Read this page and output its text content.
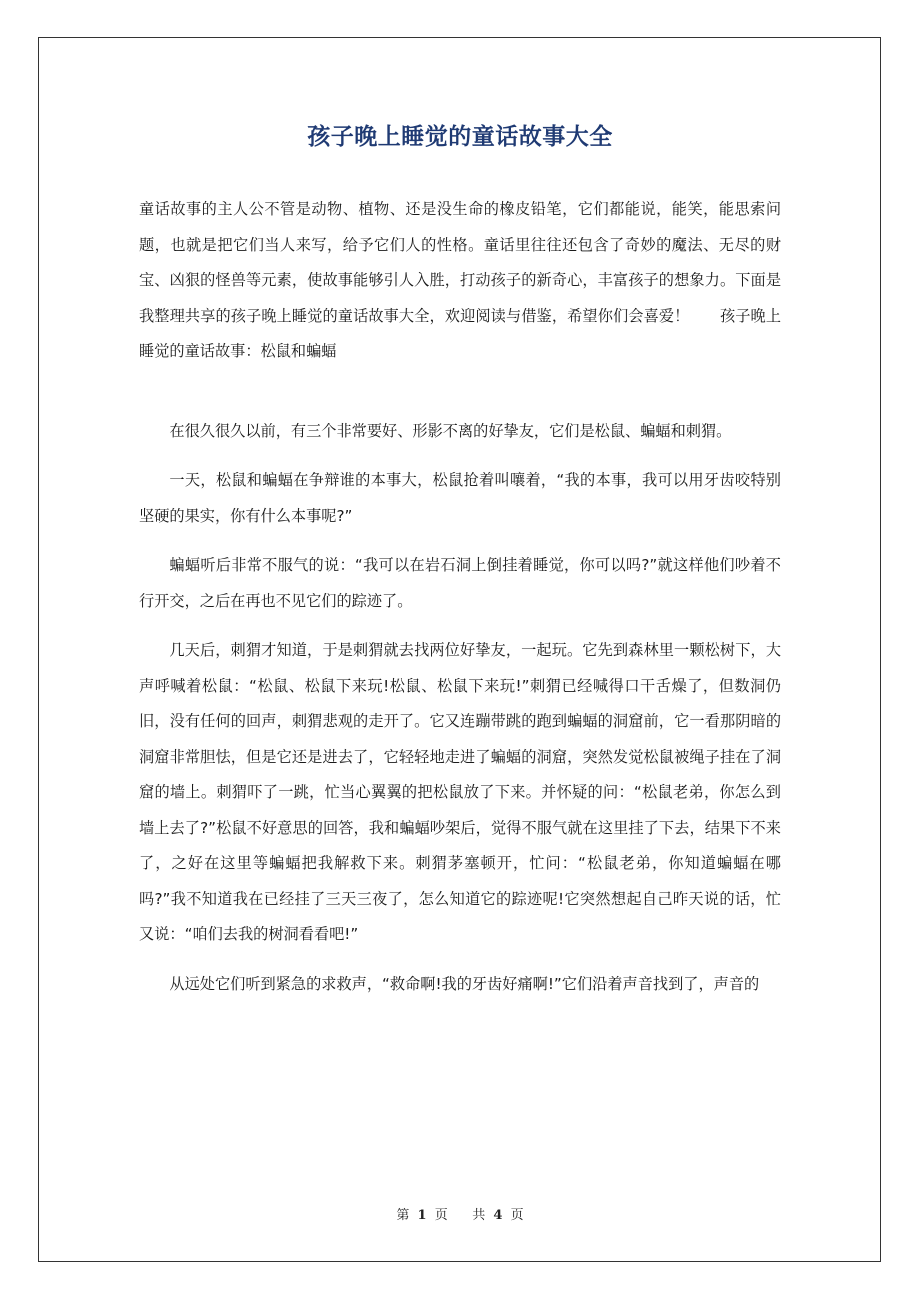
孩子晚上睡觉的童话故事大全

童话故事的主人公不管是动物、植物、还是没生命的橡皮铅笔，它们都能说，能笑，能思索问题，也就是把它们当人来写，给予它们人的性格。童话里往往还包含了奇妙的魔法、无尽的财宝、凶狠的怪兽等元素，使故事能够引人入胜，打动孩子的新奇心，丰富孩子的想象力。下面是我整理共享的孩子晚上睡觉的童话故事大全，欢迎阅读与借鉴，希望你们会喜爱！ 孩子晚上睡觉的童话故事：松鼠和蝙蝠

在很久很久以前，有三个非常要好、形影不离的好挚友，它们是松鼠、蝙蝠和刺猬。

一天，松鼠和蝙蝠在争辩谁的本事大，松鼠抢着叫嚷着，“我的本事，我可以用牙齿咬特别坚硬的果实，你有什么本事呢?”

蝙蝠听后非常不服气的说：“我可以在岩石洞上倒挂着睡觉，你可以吗?”就这样他们吵着不行开交，之后在再也不见它们的踪迹了。

几天后，刺猬才知道，于是刺猬就去找两位好挚友，一起玩。它先到森林里一颗松树下，大声呼喊着松鼠：“松鼠、松鼠下来玩!松鼠、松鼠下来玩!”刺猬已经喊得口干舌燥了，但数洞仍旧，没有任何的回声，刺猬悲观的走开了。它又连蹦带跳的跑到蝙蝠的洞窟前，它一看那阴暗的洞窟非常胆怯，但是它还是进去了，它轻轻地走进了蝙蝠的洞窟，突然发觉松鼠被绳子挂在了洞窟的墙上。刺猬吓了一跳，忙当心翼翼的把松鼠放了下来。并怀疑的问：“松鼠老弟，你怎么到墙上去了?”松鼠不好意思的回答，我和蝙蝠吵架后，觉得不服气就在这里挂了下去，结果下不来了，之好在这里等蝙蝠把我解救下来。刺猬茅塞顿开，忙问：“松鼠老弟，你知道蝙蝠在哪吗?”我不知道我在已经挂了三天三夜了，怎么知道它的踪迹呢!它突然想起自己昨天说的话，忙又说：“咱们去我的树洞看看吧!”

从远处它们听到紧急的求救声，“救命啊!我的牙齿好痛啊!”它们沿着声音找到了，声音的

第 1 页 共 4 页
